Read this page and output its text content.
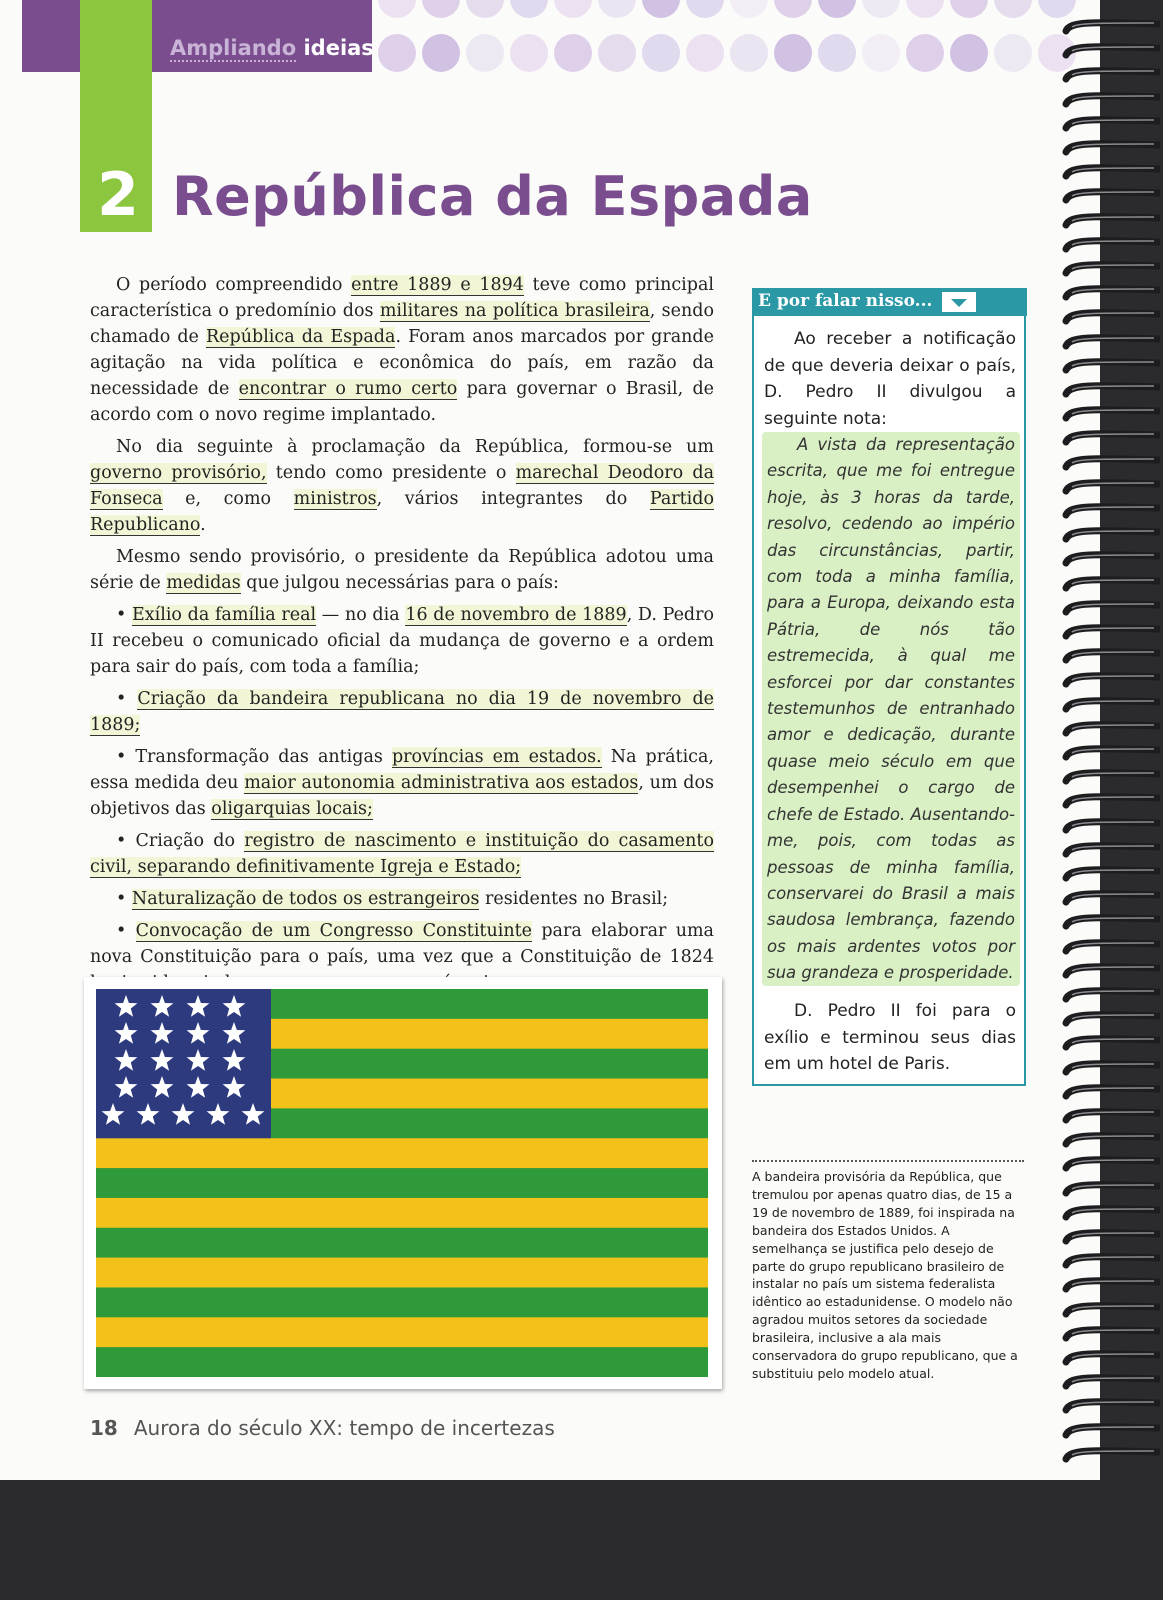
Ampliando ideias
2 República da Espada

O período compreendido entre 1889 e 1894 teve como principal característica o predomínio dos militares na política brasileira, sendo chamado de República da Espada. Foram anos marcados por grande agitação na vida política e econômica do país, em razão da necessidade de encontrar o rumo certo para governar o Brasil, de acordo com o novo regime implantado.

No dia seguinte à proclamação da República, formou-se um governo provisório, tendo como presidente o marechal Deodoro da Fonseca e, como ministros, vários integrantes do Partido Republicano.

Mesmo sendo provisório, o presidente da República adotou uma série de medidas que julgou necessárias para o país:

• Exílio da família real — no dia 16 de novembro de 1889, D. Pedro II recebeu o comunicado oficial da mudança de governo e a ordem para sair do país, com toda a família;

• Criação da bandeira republicana no dia 19 de novembro de 1889;

• Transformação das antigas províncias em estados. Na prática, essa medida deu maior autonomia administrativa aos estados, um dos objetivos das oligarquias locais;

• Criação do registro de nascimento e instituição do casamento civil, separando definitivamente Igreja e Estado;

• Naturalização de todos os estrangeiros residentes no Brasil;

• Convocação de um Congresso Constituinte para elaborar uma nova Constituição para o país, uma vez que a Constituição de 1824

E por falar nisso...
Ao receber a notificação de que deveria deixar o país, D. Pedro II divulgou a seguinte nota:
A vista da representação escrita, que me foi entregue hoje, às 3 horas da tarde, resolvo, cedendo ao império das circunstâncias, partir, com toda a minha família, para a Europa, deixando esta Pátria, de nós tão estremecida, à qual me esforcei por dar constantes testemunhos de entranhado amor e dedicação, durante quase meio século em que desempenhei o cargo de chefe de Estado. Ausentando-me, pois, com todas as pessoas de minha família, conservarei do Brasil a mais saudosa lembrança, fazendo os mais ardentes votos por sua grandeza e prosperidade.
D. Pedro II foi para o exílio e terminou seus dias em um hotel de Paris.
A bandeira provisória da República, que tremulou por apenas quatro dias, de 15 a 19 de novembro de 1889, foi inspirada na bandeira dos Estados Unidos. A semelhança se justifica pelo desejo de parte do grupo republicano brasileiro de instalar no país um sistema federalista idêntico ao estadunidense. O modelo não agradou muitos setores da sociedade brasileira, inclusive a ala mais conservadora do grupo republicano, que a substituiu pelo modelo atual.
18 Aurora do século XX: tempo de incertezas
